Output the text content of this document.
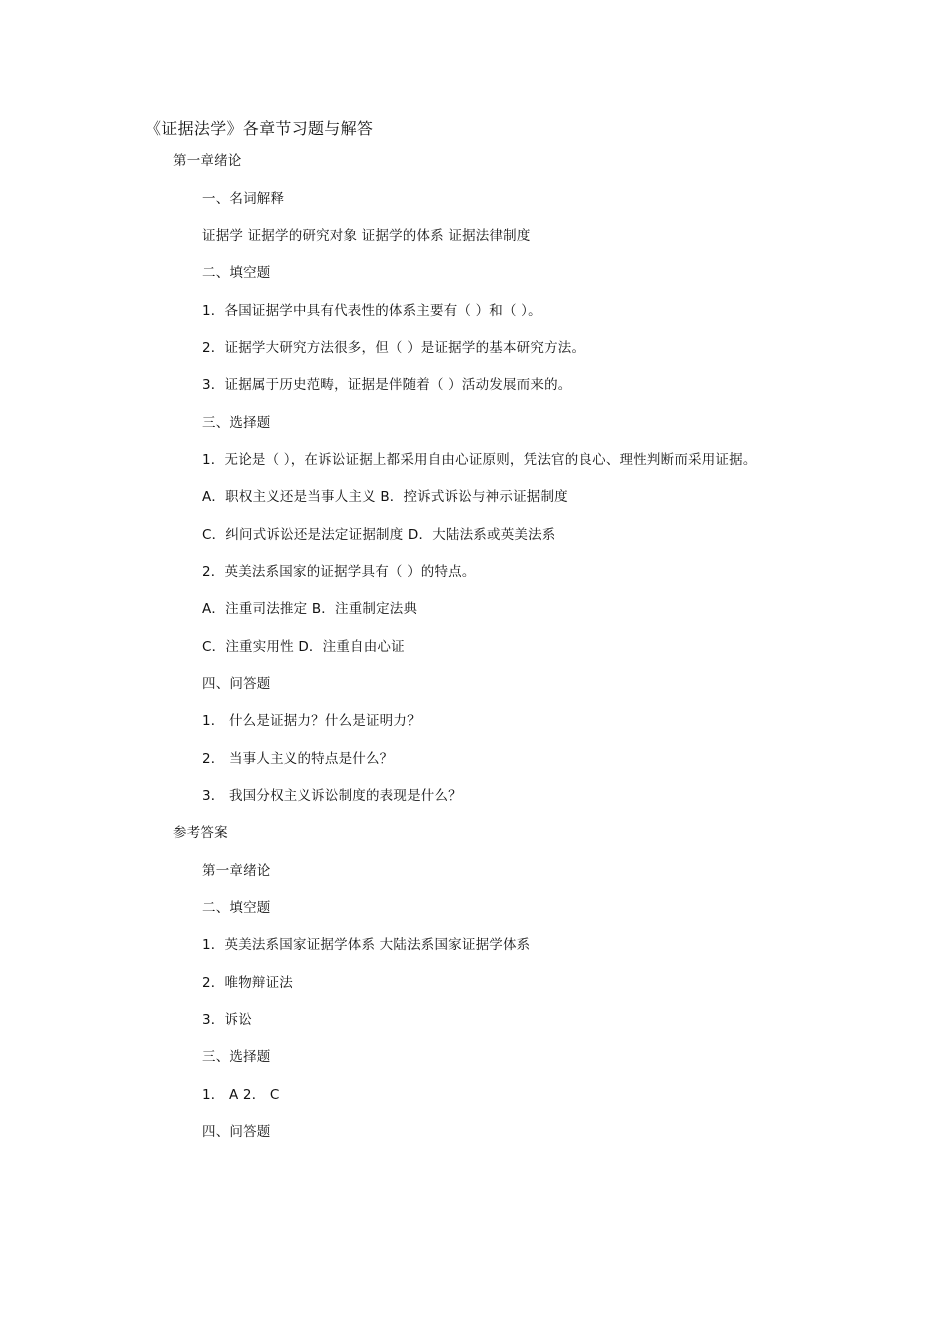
《证据法学》各章节习题与解答
第一章绪论
一、名词解释
证据学 证据学的研究对象 证据学的体系 证据法律制度
二、填空题
1．各国证据学中具有代表性的体系主要有（ ）和（ ）。
2．证据学大研究方法很多，但（ ）是证据学的基本研究方法。
3．证据属于历史范畴，证据是伴随着（ ）活动发展而来的。
三、选择题
1．无论是（ ），在诉讼证据上都采用自由心证原则，凭法官的良心、理性判断而采用证据。
A．职权主义还是当事人主义 B．控诉式诉讼与神示证据制度
C．纠问式诉讼还是法定证据制度 D．大陆法系或英美法系
2．英美法系国家的证据学具有（ ）的特点。
A．注重司法推定 B．注重制定法典
C．注重实用性 D．注重自由心证
四、问答题
1． 什么是证据力？什么是证明力？
2． 当事人主义的特点是什么？
3． 我国分权主义诉讼制度的表现是什么？
参考答案
第一章绪论
二、填空题
1．英美法系国家证据学体系 大陆法系国家证据学体系
2．唯物辩证法
3．诉讼
三、选择题
1． A 2． C
四、问答题
